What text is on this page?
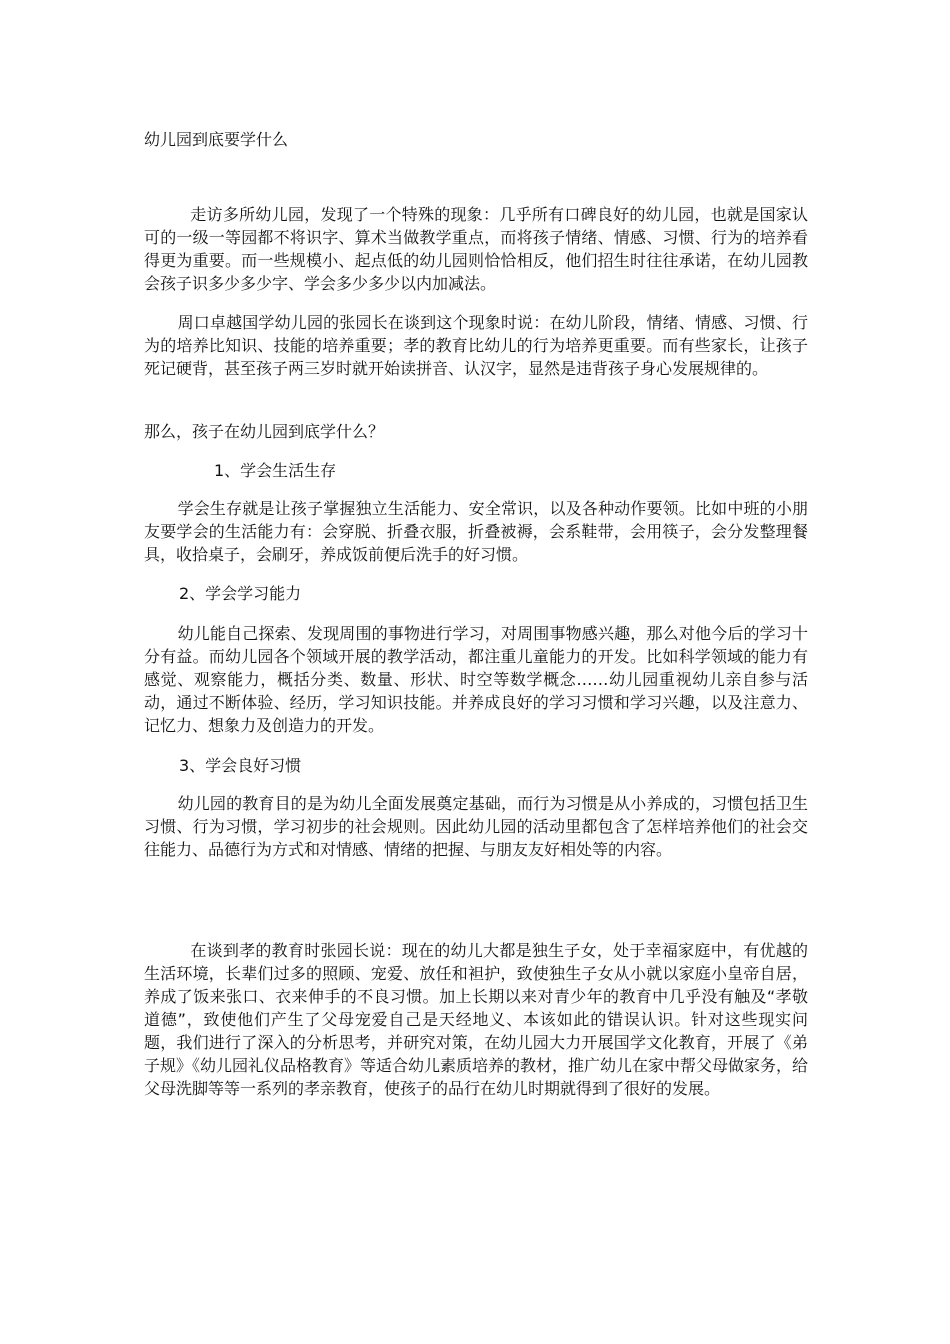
幼儿园到底要学什么

走访多所幼儿园，发现了一个特殊的现象：几乎所有口碑良好的幼儿园，也就是国家认可的一级一等园都不将识字、算术当做教学重点，而将孩子情绪、情感、习惯、行为的培养看得更为重要。而一些规模小、起点低的幼儿园则恰恰相反，他们招生时往往承诺，在幼儿园教会孩子识多少多少字、学会多少多少以内加减法。

周口卓越国学幼儿园的张园长在谈到这个现象时说：在幼儿阶段，情绪、情感、习惯、行为的培养比知识、技能的培养重要；孝的教育比幼儿的行为培养更重要。而有些家长，让孩子死记硬背，甚至孩子两三岁时就开始读拼音、认汉字，显然是违背孩子身心发展规律的。

那么，孩子在幼儿园到底学什么？

1、学会生活生存

学会生存就是让孩子掌握独立生活能力、安全常识，以及各种动作要领。比如中班的小朋友要学会的生活能力有：会穿脱、折叠衣服，折叠被褥，会系鞋带，会用筷子，会分发整理餐具，收拾桌子，会刷牙，养成饭前便后洗手的好习惯。

2、学会学习能力

幼儿能自己探索、发现周围的事物进行学习，对周围事物感兴趣，那么对他今后的学习十分有益。而幼儿园各个领域开展的教学活动，都注重儿童能力的开发。比如科学领域的能力有感觉、观察能力，概括分类、数量、形状、时空等数学概念……幼儿园重视幼儿亲自参与活动，通过不断体验、经历，学习知识技能。并养成良好的学习习惯和学习兴趣，以及注意力、记忆力、想象力及创造力的开发。

3、学会良好习惯

幼儿园的教育目的是为幼儿全面发展奠定基础，而行为习惯是从小养成的，习惯包括卫生习惯、行为习惯，学习初步的社会规则。因此幼儿园的活动里都包含了怎样培养他们的社会交往能力、品德行为方式和对情感、情绪的把握、与朋友友好相处等的内容。

在谈到孝的教育时张园长说：现在的幼儿大都是独生子女，处于幸福家庭中，有优越的生活环境，长辈们过多的照顾、宠爱、放任和袒护，致使独生子女从小就以家庭小皇帝自居，养成了饭来张口、衣来伸手的不良习惯。加上长期以来对青少年的教育中几乎没有触及“孝敬道德”，致使他们产生了父母宠爱自己是天经地义、本该如此的错误认识。针对这些现实问题，我们进行了深入的分析思考，并研究对策，在幼儿园大力开展国学文化教育，开展了《弟子规》《幼儿园礼仪品格教育》等适合幼儿素质培养的教材，推广幼儿在家中帮父母做家务，给父母洗脚等等一系列的孝亲教育，使孩子的品行在幼儿时期就得到了很好的发展。
